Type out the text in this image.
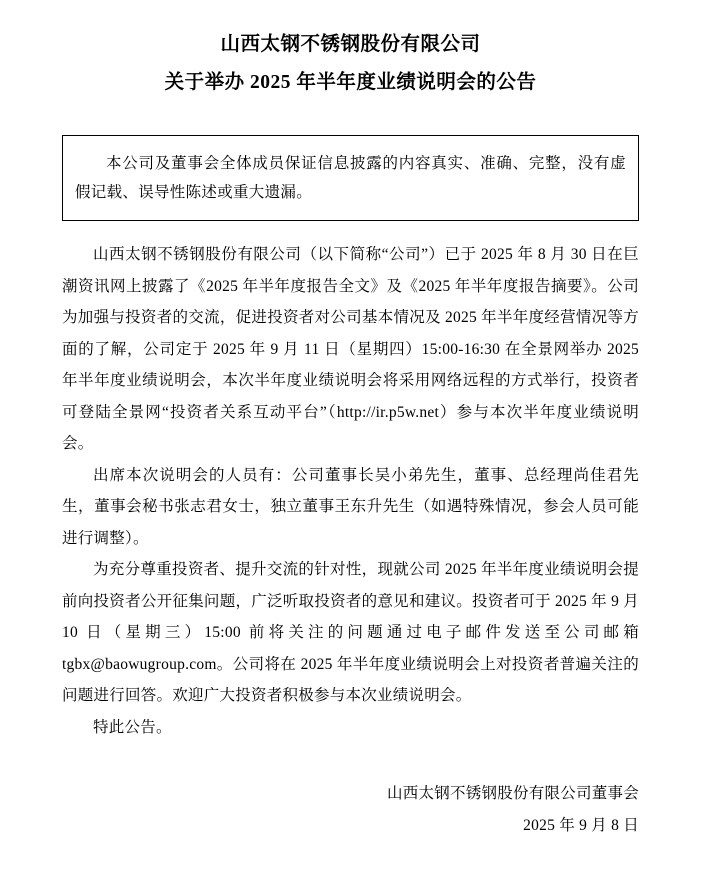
山西太钢不锈钢股份有限公司
关于举办 2025 年半年度业绩说明会的公告

本公司及董事会全体成员保证信息披露的内容真实、准确、完整，没有虚假记载、误导性陈述或重大遗漏。

山西太钢不锈钢股份有限公司（以下简称“公司”）已于 2025 年 8 月 30 日在巨潮资讯网上披露了《2025 年半年度报告全文》及《2025 年半年度报告摘要》。公司为加强与投资者的交流，促进投资者对公司基本情况及 2025 年半年度经营情况等方面的了解，公司定于 2025 年 9 月 11 日（星期四）15:00-16:30 在全景网举办 2025 年半年度业绩说明会，本次半年度业绩说明会将采用网络远程的方式举行，投资者可登陆全景网“投资者关系互动平台”（http://ir.p5w.net）参与本次半年度业绩说明会。

出席本次说明会的人员有：公司董事长吴小弟先生，董事、总经理尚佳君先生，董事会秘书张志君女士，独立董事王东升先生（如遇特殊情况，参会人员可能进行调整）。

为充分尊重投资者、提升交流的针对性，现就公司 2025 年半年度业绩说明会提前向投资者公开征集问题，广泛听取投资者的意见和建议。投资者可于 2025 年 9 月 10 日（星期三）15:00 前将关注的问题通过电子邮件发送至公司邮箱 tgbx@baowugroup.com。公司将在 2025 年半年度业绩说明会上对投资者普遍关注的问题进行回答。欢迎广大投资者积极参与本次业绩说明会。

特此公告。

山西太钢不锈钢股份有限公司董事会

2025 年 9 月 8 日
